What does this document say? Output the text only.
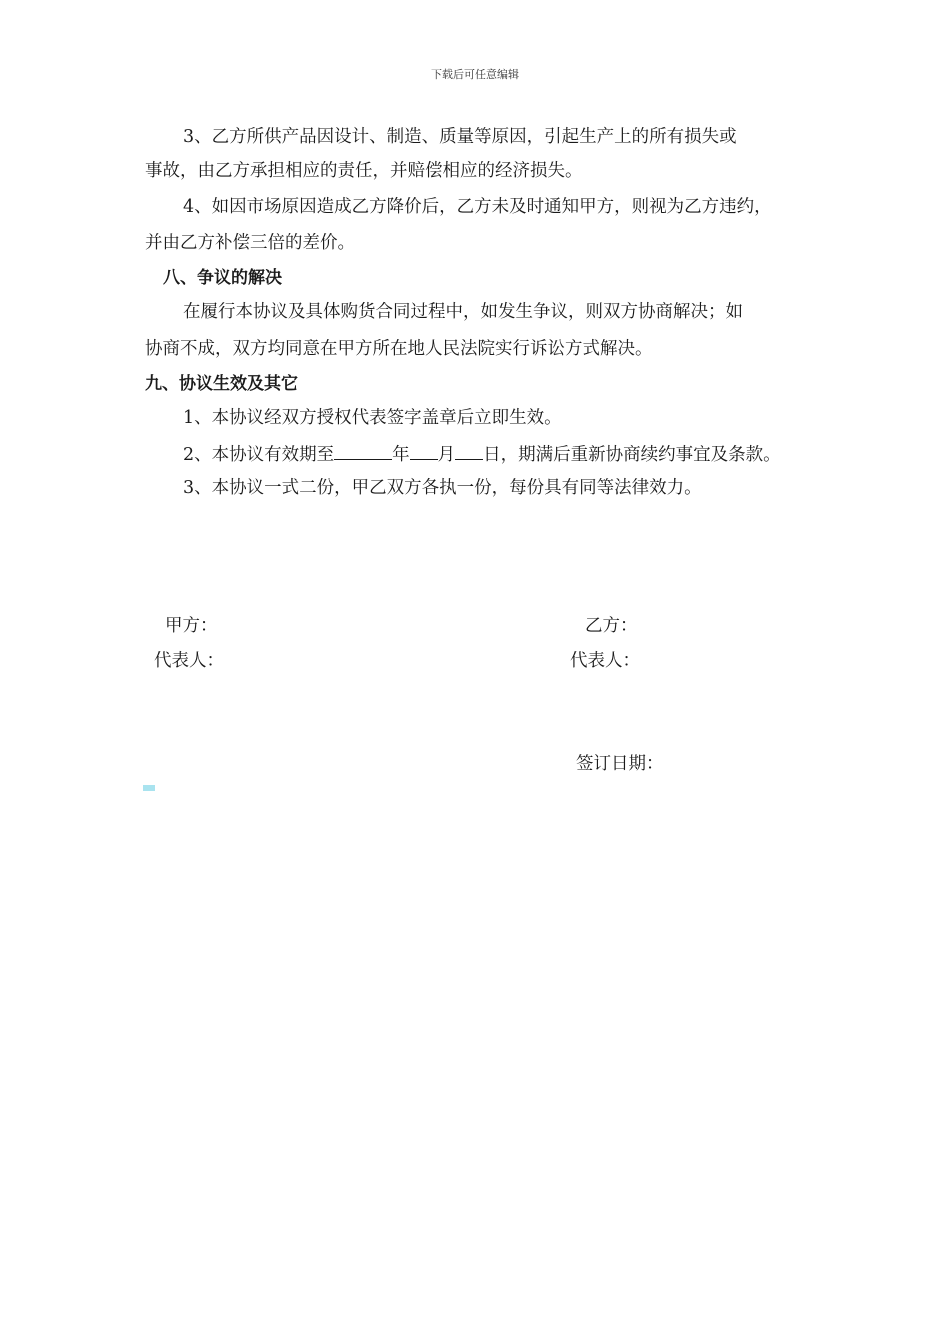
下载后可任意编辑
3、乙方所供产品因设计、制造、质量等原因，引起生产上的所有损失或
事故，由乙方承担相应的责任，并赔偿相应的经济损失。
4、如因市场原因造成乙方降价后，乙方未及时通知甲方，则视为乙方违约，
并由乙方补偿三倍的差价。
八、争议的解决
在履行本协议及具体购货合同过程中，如发生争议，则双方协商解决；如
协商不成，双方均同意在甲方所在地人民法院实行诉讼方式解决。
九、协议生效及其它
1、本协议经双方授权代表签字盖章后立即生效。
2、本协议有效期至	年 月 日，期满后重新协商续约事宜及条款。
3、本协议一式二份，甲乙双方各执一份，每份具有同等法律效力。
甲方：	乙方：
代表人：	代表人：
签订日期：
